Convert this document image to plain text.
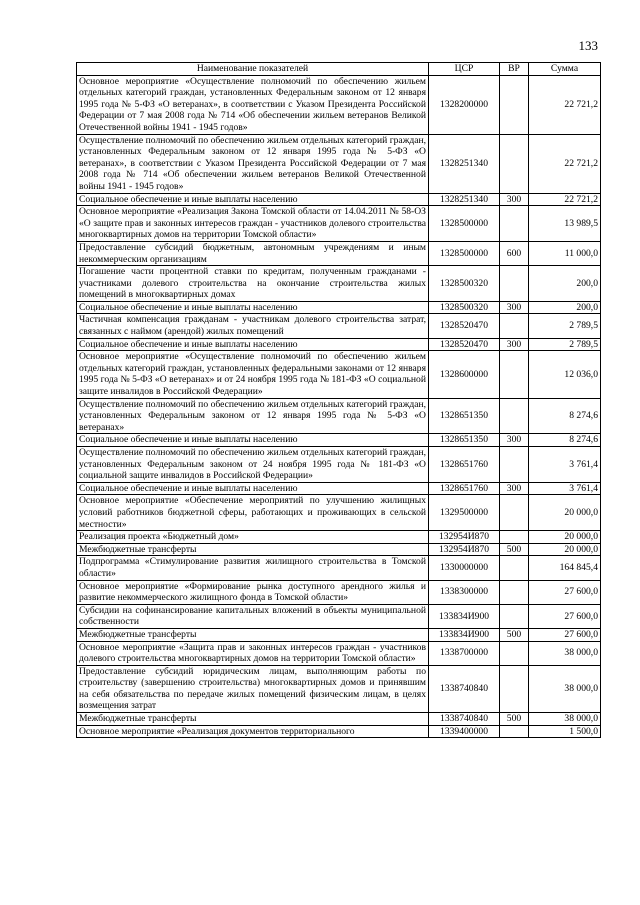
133
Наименование показателей	ЦСР	ВР	Сумма
Основное мероприятие «Осуществление полномочий по обеспечению жильем отдельных категорий граждан, установленных Федеральным законом от 12 января 1995 года № 5-ФЗ «О ветеранах», в соответствии с Указом Президента Российской Федерации от 7 мая 2008 года № 714 «Об обеспечении жильем ветеранов Великой Отечественной войны 1941 - 1945 годов»	1328200000		22 721,2
Осуществление полномочий по обеспечению жильем отдельных категорий граждан, установленных Федеральным законом от 12 января 1995 года № 5-ФЗ «О ветеранах», в соответствии с Указом Президента Российской Федерации от 7 мая 2008 года № 714 «Об обеспечении жильем ветеранов Великой Отечественной войны 1941 - 1945 годов»	1328251340		22 721,2
Социальное обеспечение и иные выплаты населению	1328251340	300	22 721,2
Основное мероприятие «Реализация Закона Томской области от 14.04.2011 № 58-ОЗ «О защите прав и законных интересов граждан - участников долевого строительства многоквартирных домов на территории Томской области»	1328500000		13 989,5
Предоставление субсидий бюджетным, автономным учреждениям и иным некоммерческим организациям	1328500000	600	11 000,0
Погашение части процентной ставки по кредитам, полученным гражданами - участниками долевого строительства на окончание строительства жилых помещений в многоквартирных домах	1328500320		200,0
Социальное обеспечение и иные выплаты населению	1328500320	300	200,0
Частичная компенсация гражданам - участникам долевого строительства затрат, связанных с наймом (арендой) жилых помещений	1328520470		2 789,5
Социальное обеспечение и иные выплаты населению	1328520470	300	2 789,5
Основное мероприятие «Осуществление полномочий по обеспечению жильем отдельных категорий граждан, установленных федеральными законами от 12 января 1995 года № 5-ФЗ «О ветеранах» и от 24 ноября 1995 года № 181-ФЗ «О социальной защите инвалидов в Российской Федерации»	1328600000		12 036,0
Осуществление полномочий по обеспечению жильем отдельных категорий граждан, установленных Федеральным законом от 12 января 1995 года № 5-ФЗ «О ветеранах»	1328651350		8 274,6
Социальное обеспечение и иные выплаты населению	1328651350	300	8 274,6
Осуществление полномочий по обеспечению жильем отдельных категорий граждан, установленных Федеральным законом от 24 ноября 1995 года № 181-ФЗ «О социальной защите инвалидов в Российской Федерации»	1328651760		3 761,4
Социальное обеспечение и иные выплаты населению	1328651760	300	3 761,4
Основное мероприятие «Обеспечение мероприятий по улучшению жилищных условий работников бюджетной сферы, работающих и проживающих в сельской местности»	1329500000		20 000,0
Реализация проекта «Бюджетный дом»	132954И870		20 000,0
Межбюджетные трансферты	132954И870	500	20 000,0
Подпрограмма «Стимулирование развития жилищного строительства в Томской области»	1330000000		164 845,4
Основное мероприятие «Формирование рынка доступного арендного жилья и развитие некоммерческого жилищного фонда в Томской области»	1338300000		27 600,0
Субсидии на софинансирование капитальных вложений в объекты муниципальной собственности	133834И900		27 600,0
Межбюджетные трансферты	133834И900	500	27 600,0
Основное мероприятие «Защита прав и законных интересов граждан - участников долевого строительства многоквартирных домов на территории Томской области»	1338700000		38 000,0
Предоставление субсидий юридическим лицам, выполняющим работы по строительству (завершению строительства) многоквартирных домов и принявшим на себя обязательства по передаче жилых помещений физическим лицам, в целях возмещения затрат	1338740840		38 000,0
Межбюджетные трансферты	1338740840	500	38 000,0
Основное мероприятие «Реализация документов территориального	1339400000		1 500,0
